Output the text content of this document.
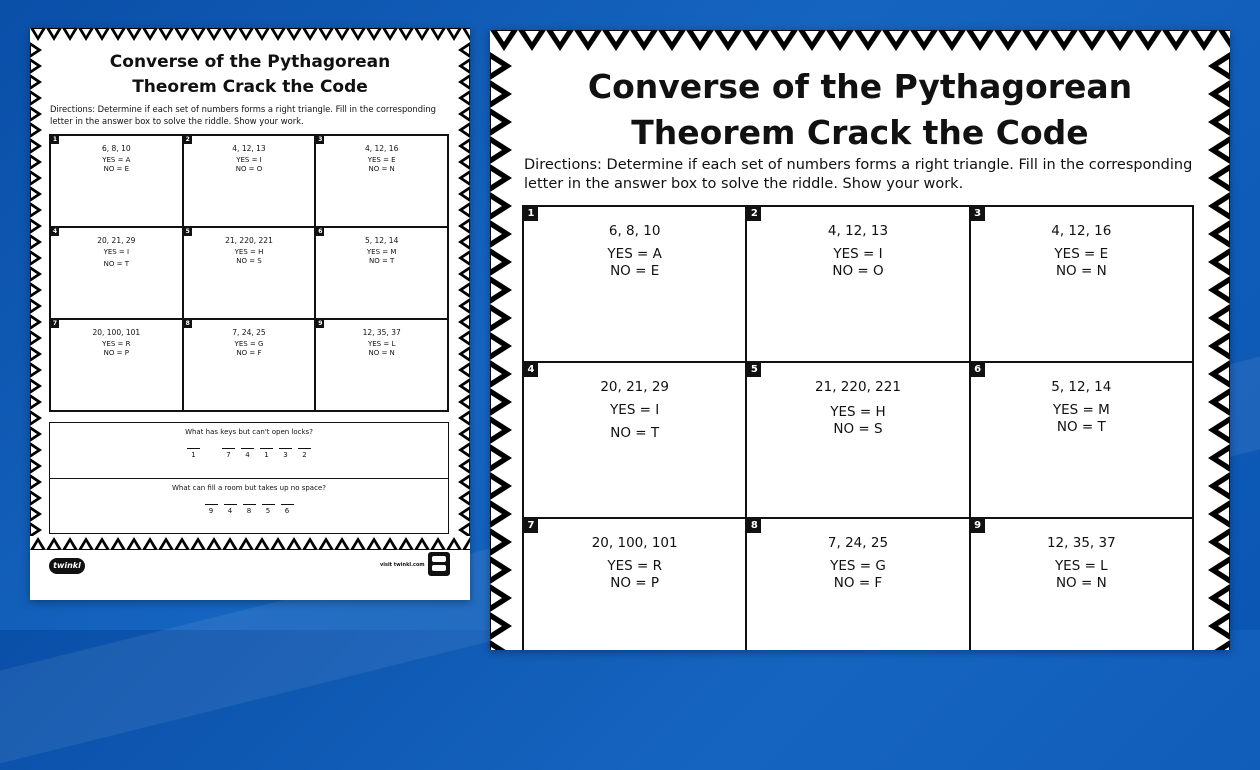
Converse of the Pythagorean
Theorem Crack the Code
Directions: Determine if each set of numbers forms a right triangle. Fill in the corresponding letter in the answer box to solve the riddle. Show your work.
1
6, 8, 10
YES = A
NO = E
2
4, 12, 13
YES = I
NO = O
3
4, 12, 16
YES = E
NO = N
4
20, 21, 29
YES = I
NO = T
5
21, 220, 221
YES = H
NO = S
6
5, 12, 14
YES = M
NO = T
7
20, 100, 101
YES = R
NO = P
8
7, 24, 25
YES = G
NO = F
9
12, 35, 37
YES = L
NO = N
What has keys but can't open locks?
1	7	4	1	3	2
What can fill a room but takes up no space?
9	4	8	5	6
twinkl	visit twinkl.com
Converse of the Pythagorean
Theorem Crack the Code
Directions: Determine if each set of numbers forms a right triangle. Fill in the corresponding letter in the answer box to solve the riddle. Show your work.
1
6, 8, 10
YES = A
NO = E
2
4, 12, 13
YES = I
NO = O
3
4, 12, 16
YES = E
NO = N
4
20, 21, 29
YES = I
NO = T
5
21, 220, 221
YES = H
NO = S
6
5, 12, 14
YES = M
NO = T
7
20, 100, 101
YES = R
NO = P
8
7, 24, 25
YES = G
NO = F
9
12, 35, 37
YES = L
NO = N
